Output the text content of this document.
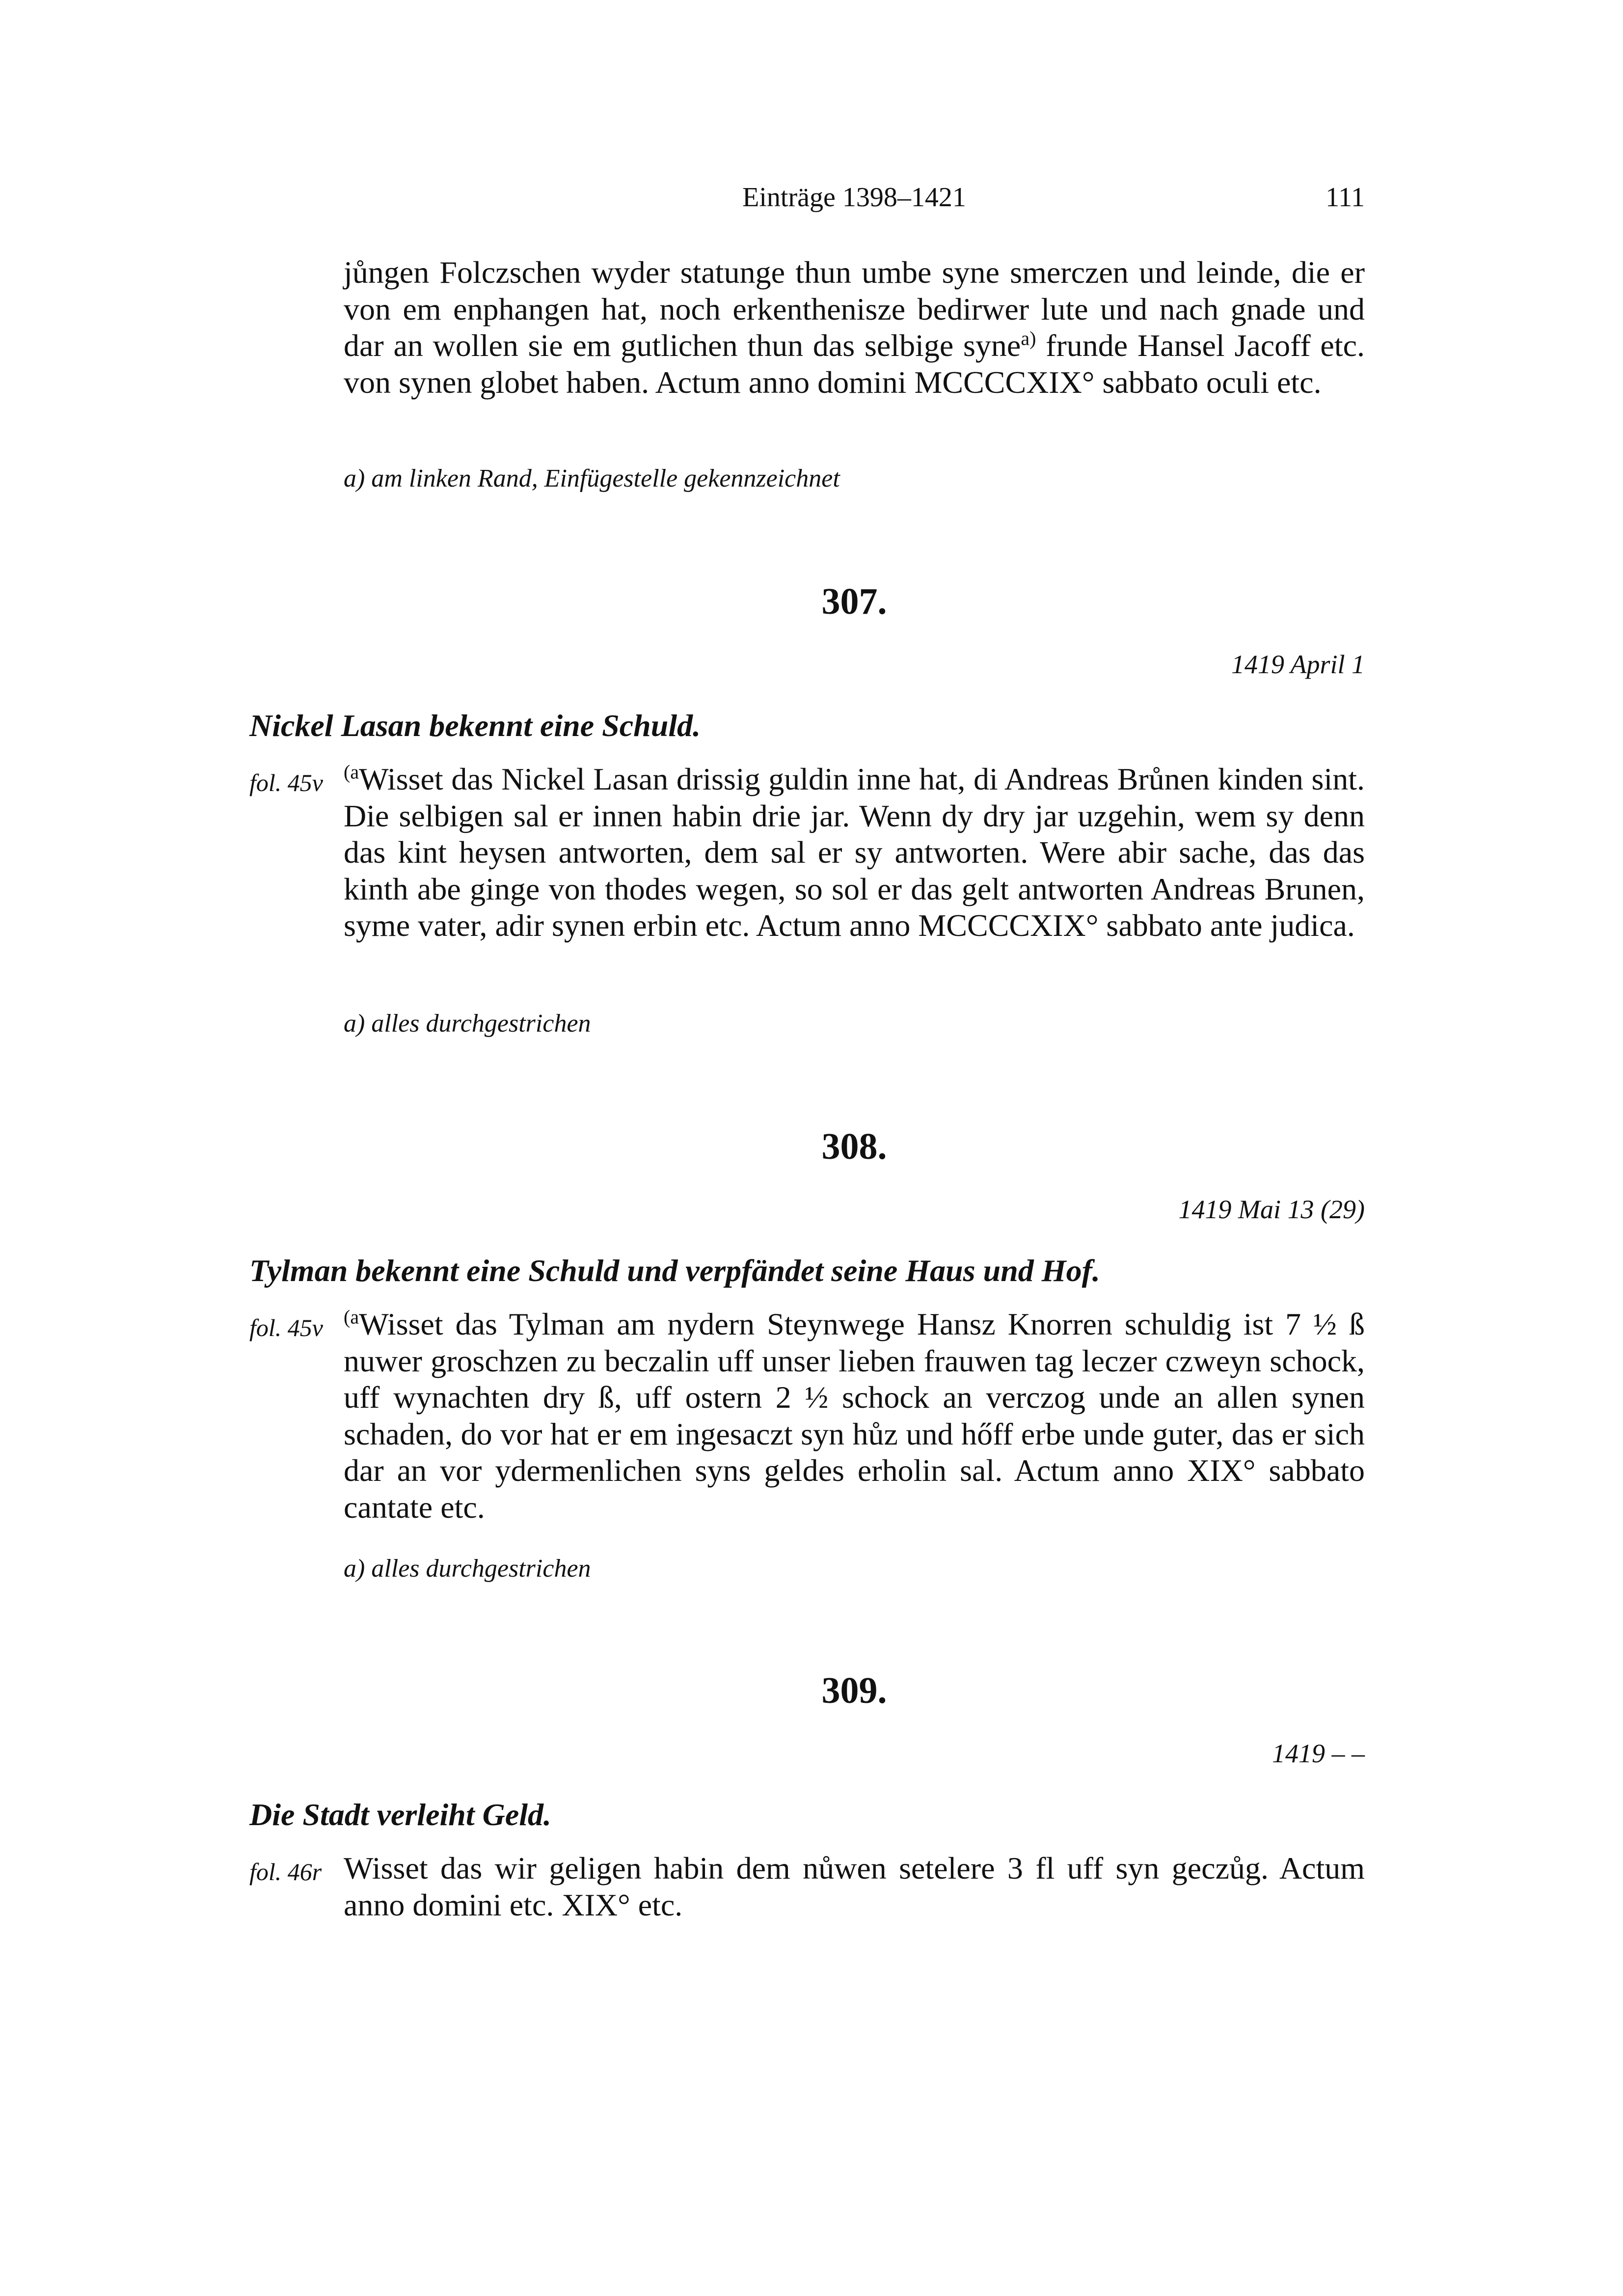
Einträge 1398–1421	111
jůngen Folczschen wyder statunge thun umbe syne smerczen und leinde, die er von em enphangen hat, noch erkenthenisze bedirwer lute und nach gnade und dar an wollen sie em gutlichen thun das selbige syne$^{a)}$ frunde Hansel Jacoff etc. von synen globet haben. Actum anno domini MCCCCXIX° sabbato oculi etc.
a) am linken Rand, Einfügestelle gekennzeichnet
307.
1419 April 1
Nickel Lasan bekennt eine Schuld.
fol. 45v $^{(a}$Wisset das Nickel Lasan drissig guldin inne hat, di Andreas Brůnen kinden sint. Die selbigen sal er innen habin drie jar. Wenn dy dry jar uzgehin, wem sy denn das kint heysen antworten, dem sal er sy antworten. Were abir sache, das das kinth abe ginge von thodes wegen, so sol er das gelt antworten Andreas Brunen, syme vater, adir synen erbin etc. Actum anno MCCCCXIX° sabbato ante judica.
a) alles durchgestrichen
308.
1419 Mai 13 (29)
Tylman bekennt eine Schuld und verpfändet seine Haus und Hof.
fol. 45v $^{(a}$Wisset das Tylman am nydern Steynwege Hansz Knorren schuldig ist 7 ½ ß nuwer groschzen zu beczalin uff unser lieben frauwen tag leczer czweyn schock, uff wynachten dry ß, uff ostern 2 ½ schock an verczog unde an allen synen schaden, do vor hat er em ingesaczt syn hůz und hőff erbe unde guter, das er sich dar an vor ydermenlichen syns geldes erholin sal. Actum anno XIX° sabbato cantate etc.
a) alles durchgestrichen
309.
1419 – –
Die Stadt verleiht Geld.
fol. 46r Wisset das wir geligen habin dem nůwen setelere 3 fl uff syn geczůg. Actum anno domini etc. XIX° etc.
